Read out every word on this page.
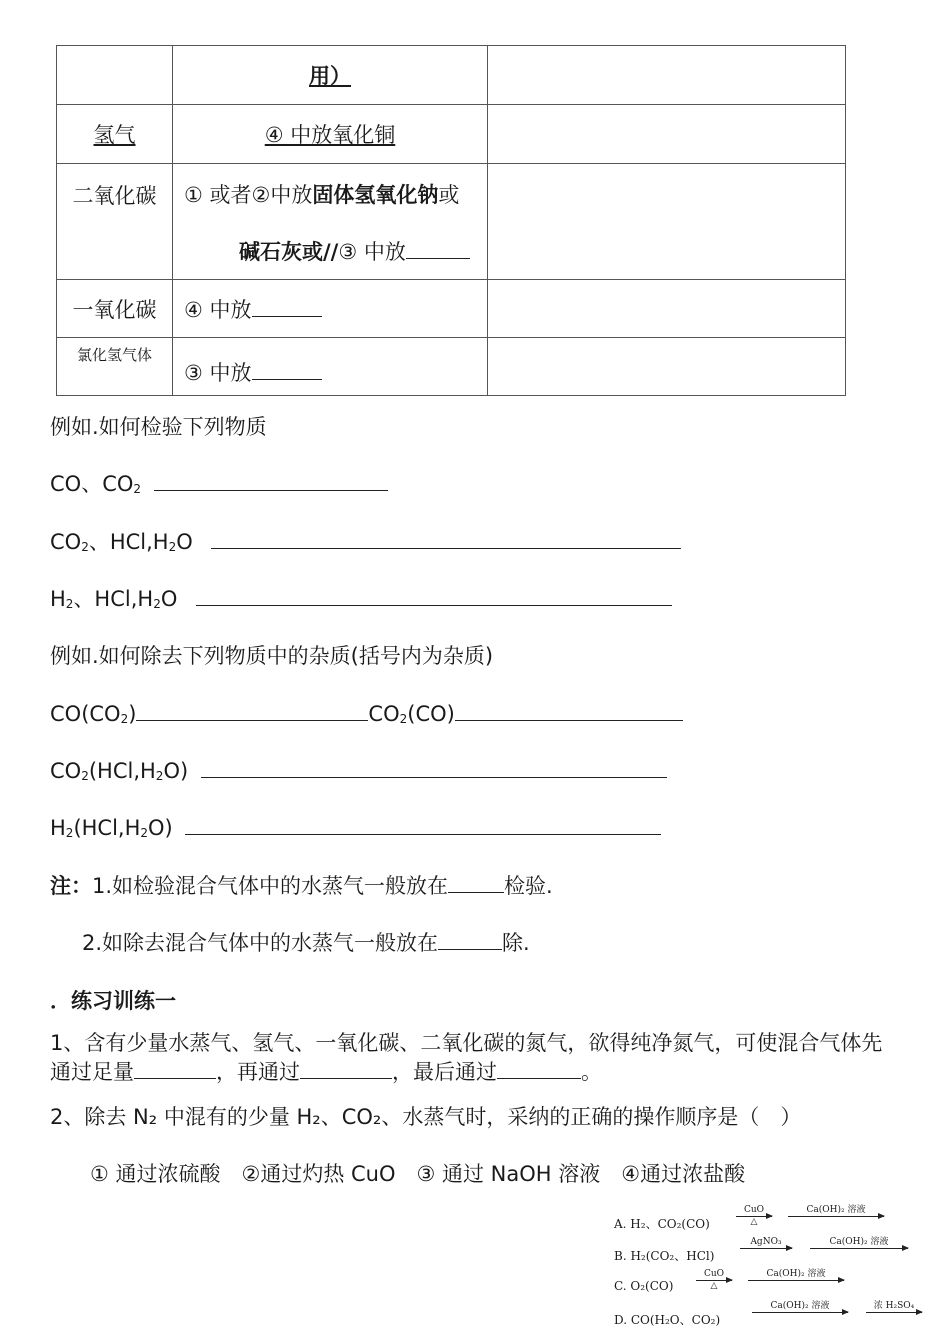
	用）	
氢气	④ 中放氧化铜	
二氧化碳	① 或者②中放固体氢氧化钠或
碱石灰或//③ 中放	

一氧化碳	④ 中放	
氯化氢气体	③ 中放	
例如.如何检验下列物质
CO、$CO_2$
$CO_2$、$HCl,H_2O$
$H_2$、$HCl,H_2O$
例如.如何除去下列物质中的杂质(括号内为杂质)
$CO(CO_2)$	$CO_2(CO)$
$CO_2(HCl,H_2O)$
$H_2(HCl,H_2O)$
注：1.如检验混合气体中的水蒸气一般放在	检验.
2.如除去混合气体中的水蒸气一般放在	除.
．练习训练一
1、含有少量水蒸气、氢气、一氧化碳、二氧化碳的氮气，欲得纯净氮气，可使混合气体先通过足量	，再通过	，最后通过	。
2、除去 N₂ 中混有的少量 H₂、CO₂、水蒸气时，采纳的正确的操作顺序是（　）
① 通过浓硫酸　②通过灼热 CuO　③ 通过 NaOH 溶液　④通过浓盐酸
A. H₂、CO₂(CO)
CuO
△
Ca(OH)₂ 溶液
B. H₂(CO₂、HCl)
AgNO₃	Ca(OH)₂ 溶液
C. O₂(CO)
CuO
△
Ca(OH)₂ 溶液
D. CO(H₂O、CO₂)
Ca(OH)₂ 溶液	浓 H₂SO₄
